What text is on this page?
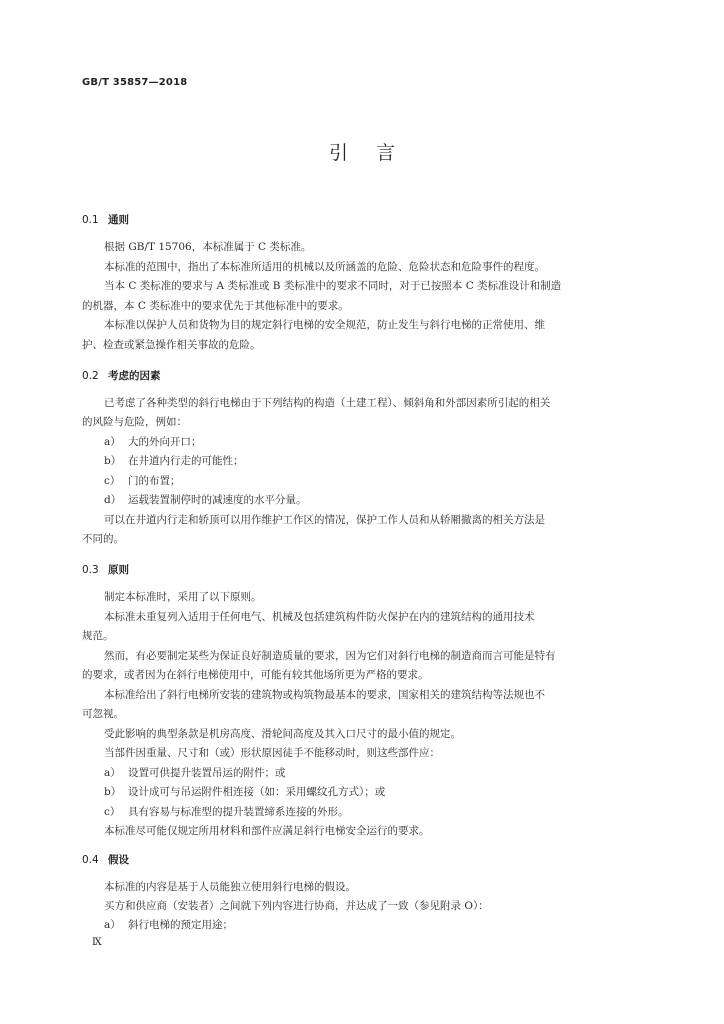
GB/T 35857—2018
引言
0.1 通则
根据 GB/T 15706，本标准属于 C 类标准。
本标准的范围中，指出了本标准所适用的机械以及所涵盖的危险、危险状态和危险事件的程度。
当本 C 类标准的要求与 A 类标准或 B 类标准中的要求不同时，对于已按照本 C 类标准设计和制造
的机器，本 C 类标准中的要求优先于其他标准中的要求。
本标准以保护人员和货物为目的规定斜行电梯的安全规范，防止发生与斜行电梯的正常使用、维
护、检查或紧急操作相关事故的危险。
0.2 考虑的因素
已考虑了各种类型的斜行电梯由于下列结构的构造（土建工程）、倾斜角和外部因素所引起的相关
的风险与危险，例如：
a） 大的外向开口；
b） 在井道内行走的可能性；
c） 门的布置；
d） 运载装置制停时的减速度的水平分量。
可以在井道内行走和轿顶可以用作维护工作区的情况，保护工作人员和从轿厢撤离的相关方法是
不同的。
0.3 原则
制定本标准时，采用了以下原则。
本标准未重复列入适用于任何电气、机械及包括建筑构件防火保护在内的建筑结构的通用技术
规范。
然而，有必要制定某些为保证良好制造质量的要求，因为它们对斜行电梯的制造商而言可能是特有
的要求，或者因为在斜行电梯使用中，可能有较其他场所更为严格的要求。
本标准给出了斜行电梯所安装的建筑物或构筑物最基本的要求，国家相关的建筑结构等法规也不
可忽视。
受此影响的典型条款是机房高度、滑轮间高度及其入口尺寸的最小值的规定。
当部件因重量、尺寸和（或）形状原因徒手不能移动时，则这些部件应：
a） 设置可供提升装置吊运的附件；或
b） 设计成可与吊运附件相连接（如：采用螺纹孔方式）；或
c） 具有容易与标准型的提升装置缔系连接的外形。
本标准尽可能仅规定所用材料和部件应满足斜行电梯安全运行的要求。
0.4 假设
本标准的内容是基于人员能独立使用斜行电梯的假设。
买方和供应商（安装者）之间就下列内容进行协商，并达成了一致（参见附录 O）：
a） 斜行电梯的预定用途；
Ⅸ
